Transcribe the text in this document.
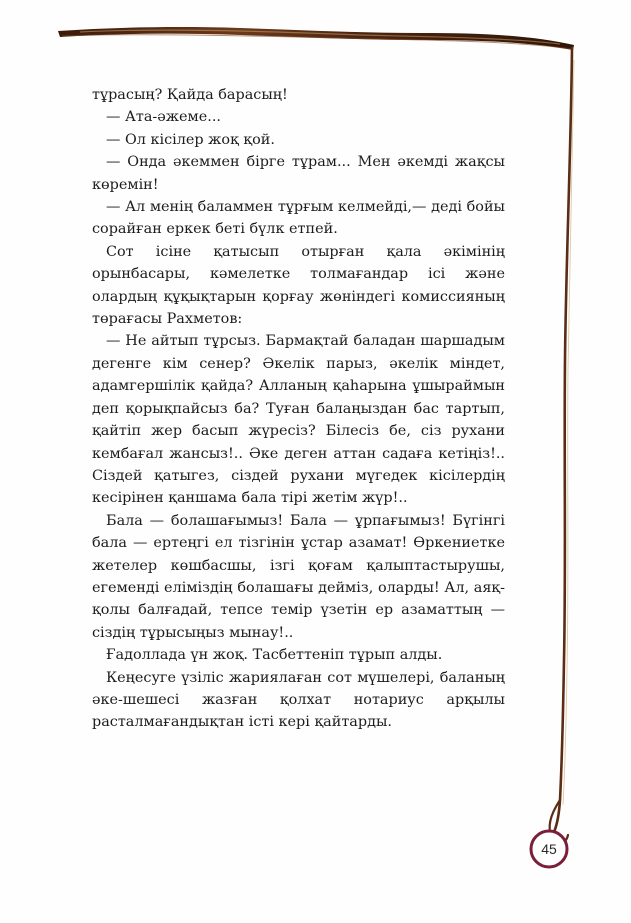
тұрасың? Қайда барасың!

— Ата-әжеме...

— Ол кісілер жоқ қой.

— Онда әкеммен бірге тұрам... Мен әкемді жақсы көремін!

— Ал менің баламмен тұрғым келмейді,— деді бойы сорайған еркек беті бүлк етпей.

Сот ісіне қатысып отырған қала әкімінің орынбасары, кәмелетке толмағандар ісі және олардың құқықтарын қорғау жөніндегі комиссияның төрағасы Рахметов:

— Не айтып тұрсыз. Бармақтай баладан шаршадым дегенге кім сенер? Әкелік парыз, әкелік міндет, адамгершілік қайда? Алланың қаһарына ұшыраймын деп қорықпайсыз ба? Туған балаңыздан бас тартып, қайтіп жер басып жүресіз? Білесіз бе, сіз рухани кембағал жансыз!.. Әке деген аттан садаға кетіңіз!.. Сіздей қатыгез, сіздей рухани мүгедек кісілердің кесірінен қаншама бала тірі жетім жүр!..

Бала — болашағымыз! Бала — ұрпағымыз! Бүгінгі бала — ертеңгі ел тізгінін ұстар азамат! Өркениетке жетелер көшбасшы, ізгі қоғам қалыптастырушы, егеменді еліміздің болашағы дейміз, оларды! Ал, аяқ-қолы балғадай, тепсе темір үзетін ер азаматтың — сіздің тұрысыңыз мынау!..

Ғадолладa үн жоқ. Тасбеттеніп тұрып алды.

Кеңесуге үзіліс жариялаған сот мүшелері, баланың әке-шешесі жазған қолхат нотариус арқылы расталмағандықтан істі кері қайтарды.

45
